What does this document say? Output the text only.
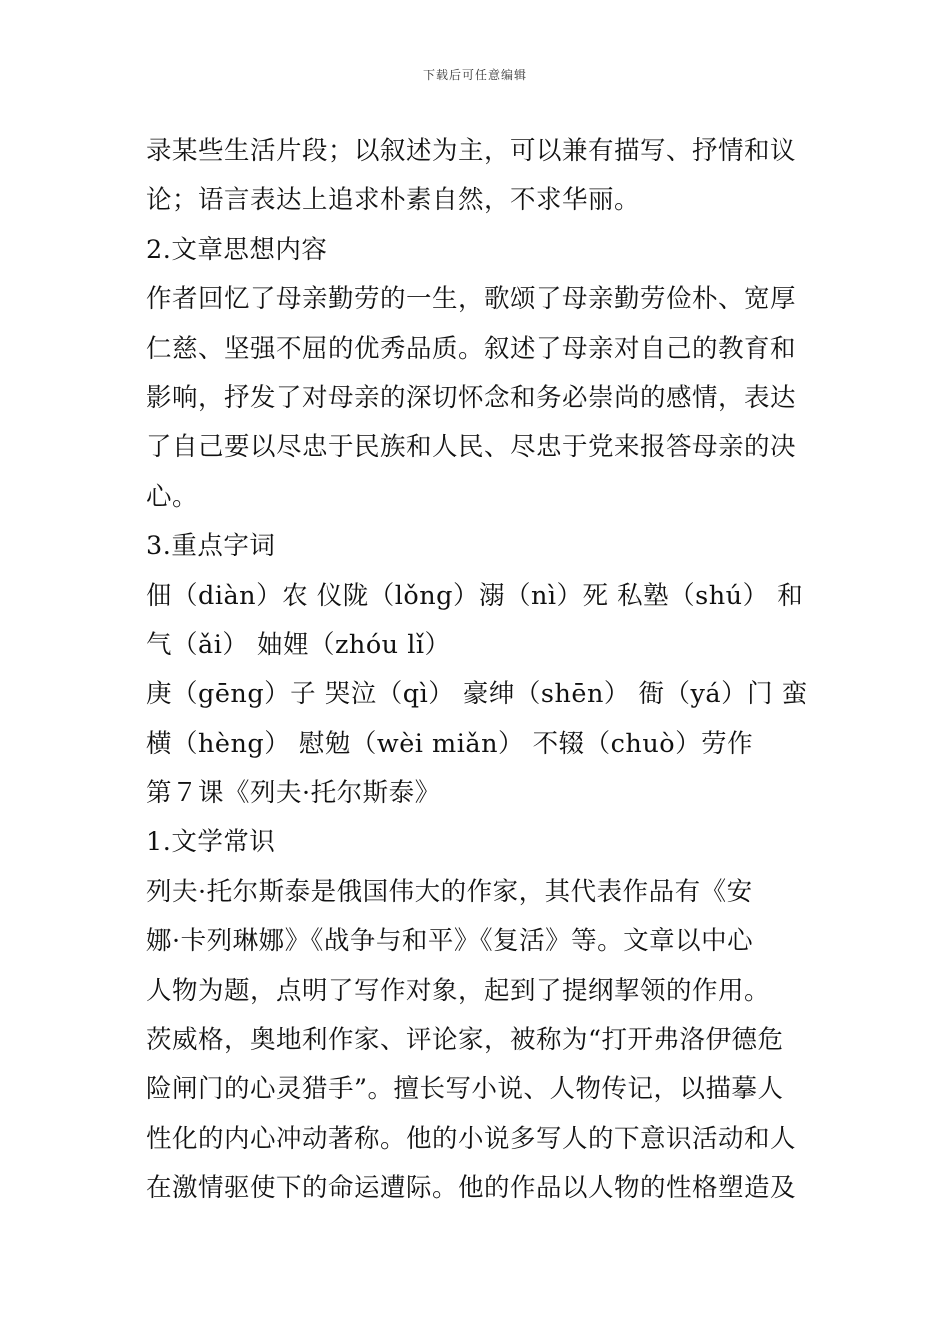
下载后可任意编辑
录某些生活片段；以叙述为主，可以兼有描写、抒情和议
论；语言表达上追求朴素自然，不求华丽。
2.文章思想内容
作者回忆了母亲勤劳的一生，歌颂了母亲勤劳俭朴、宽厚
仁慈、坚强不屈的优秀品质。叙述了母亲对自己的教育和
影响，抒发了对母亲的深切怀念和务必崇尚的感情，表达
了自己要以尽忠于民族和人民、尽忠于党来报答母亲的决
心。
3.重点字词
佃（diàn）农 仪陇（lǒng）溺（nì）死 私塾（shú） 和
气（ǎi） 妯娌（zhóu lǐ）
庚（gēng）子 哭泣（qì） 豪绅（shēn） 衙（yá）门 蛮
横（hèng） 慰勉（wèi miǎn） 不辍（chuò）劳作
第７课《列夫·托尔斯泰》
1.文学常识
列夫·托尔斯泰是俄国伟大的作家，其代表作品有《安
娜·卡列琳娜》《战争与和平》《复活》等。文章以中心
人物为题，点明了写作对象，起到了提纲挈领的作用。
茨威格，奥地利作家、评论家，被称为“打开弗洛伊德危
险闸门的心灵猎手”。擅长写小说、人物传记，以描摹人
性化的内心冲动著称。他的小说多写人的下意识活动和人
在激情驱使下的命运遭际。他的作品以人物的性格塑造及
